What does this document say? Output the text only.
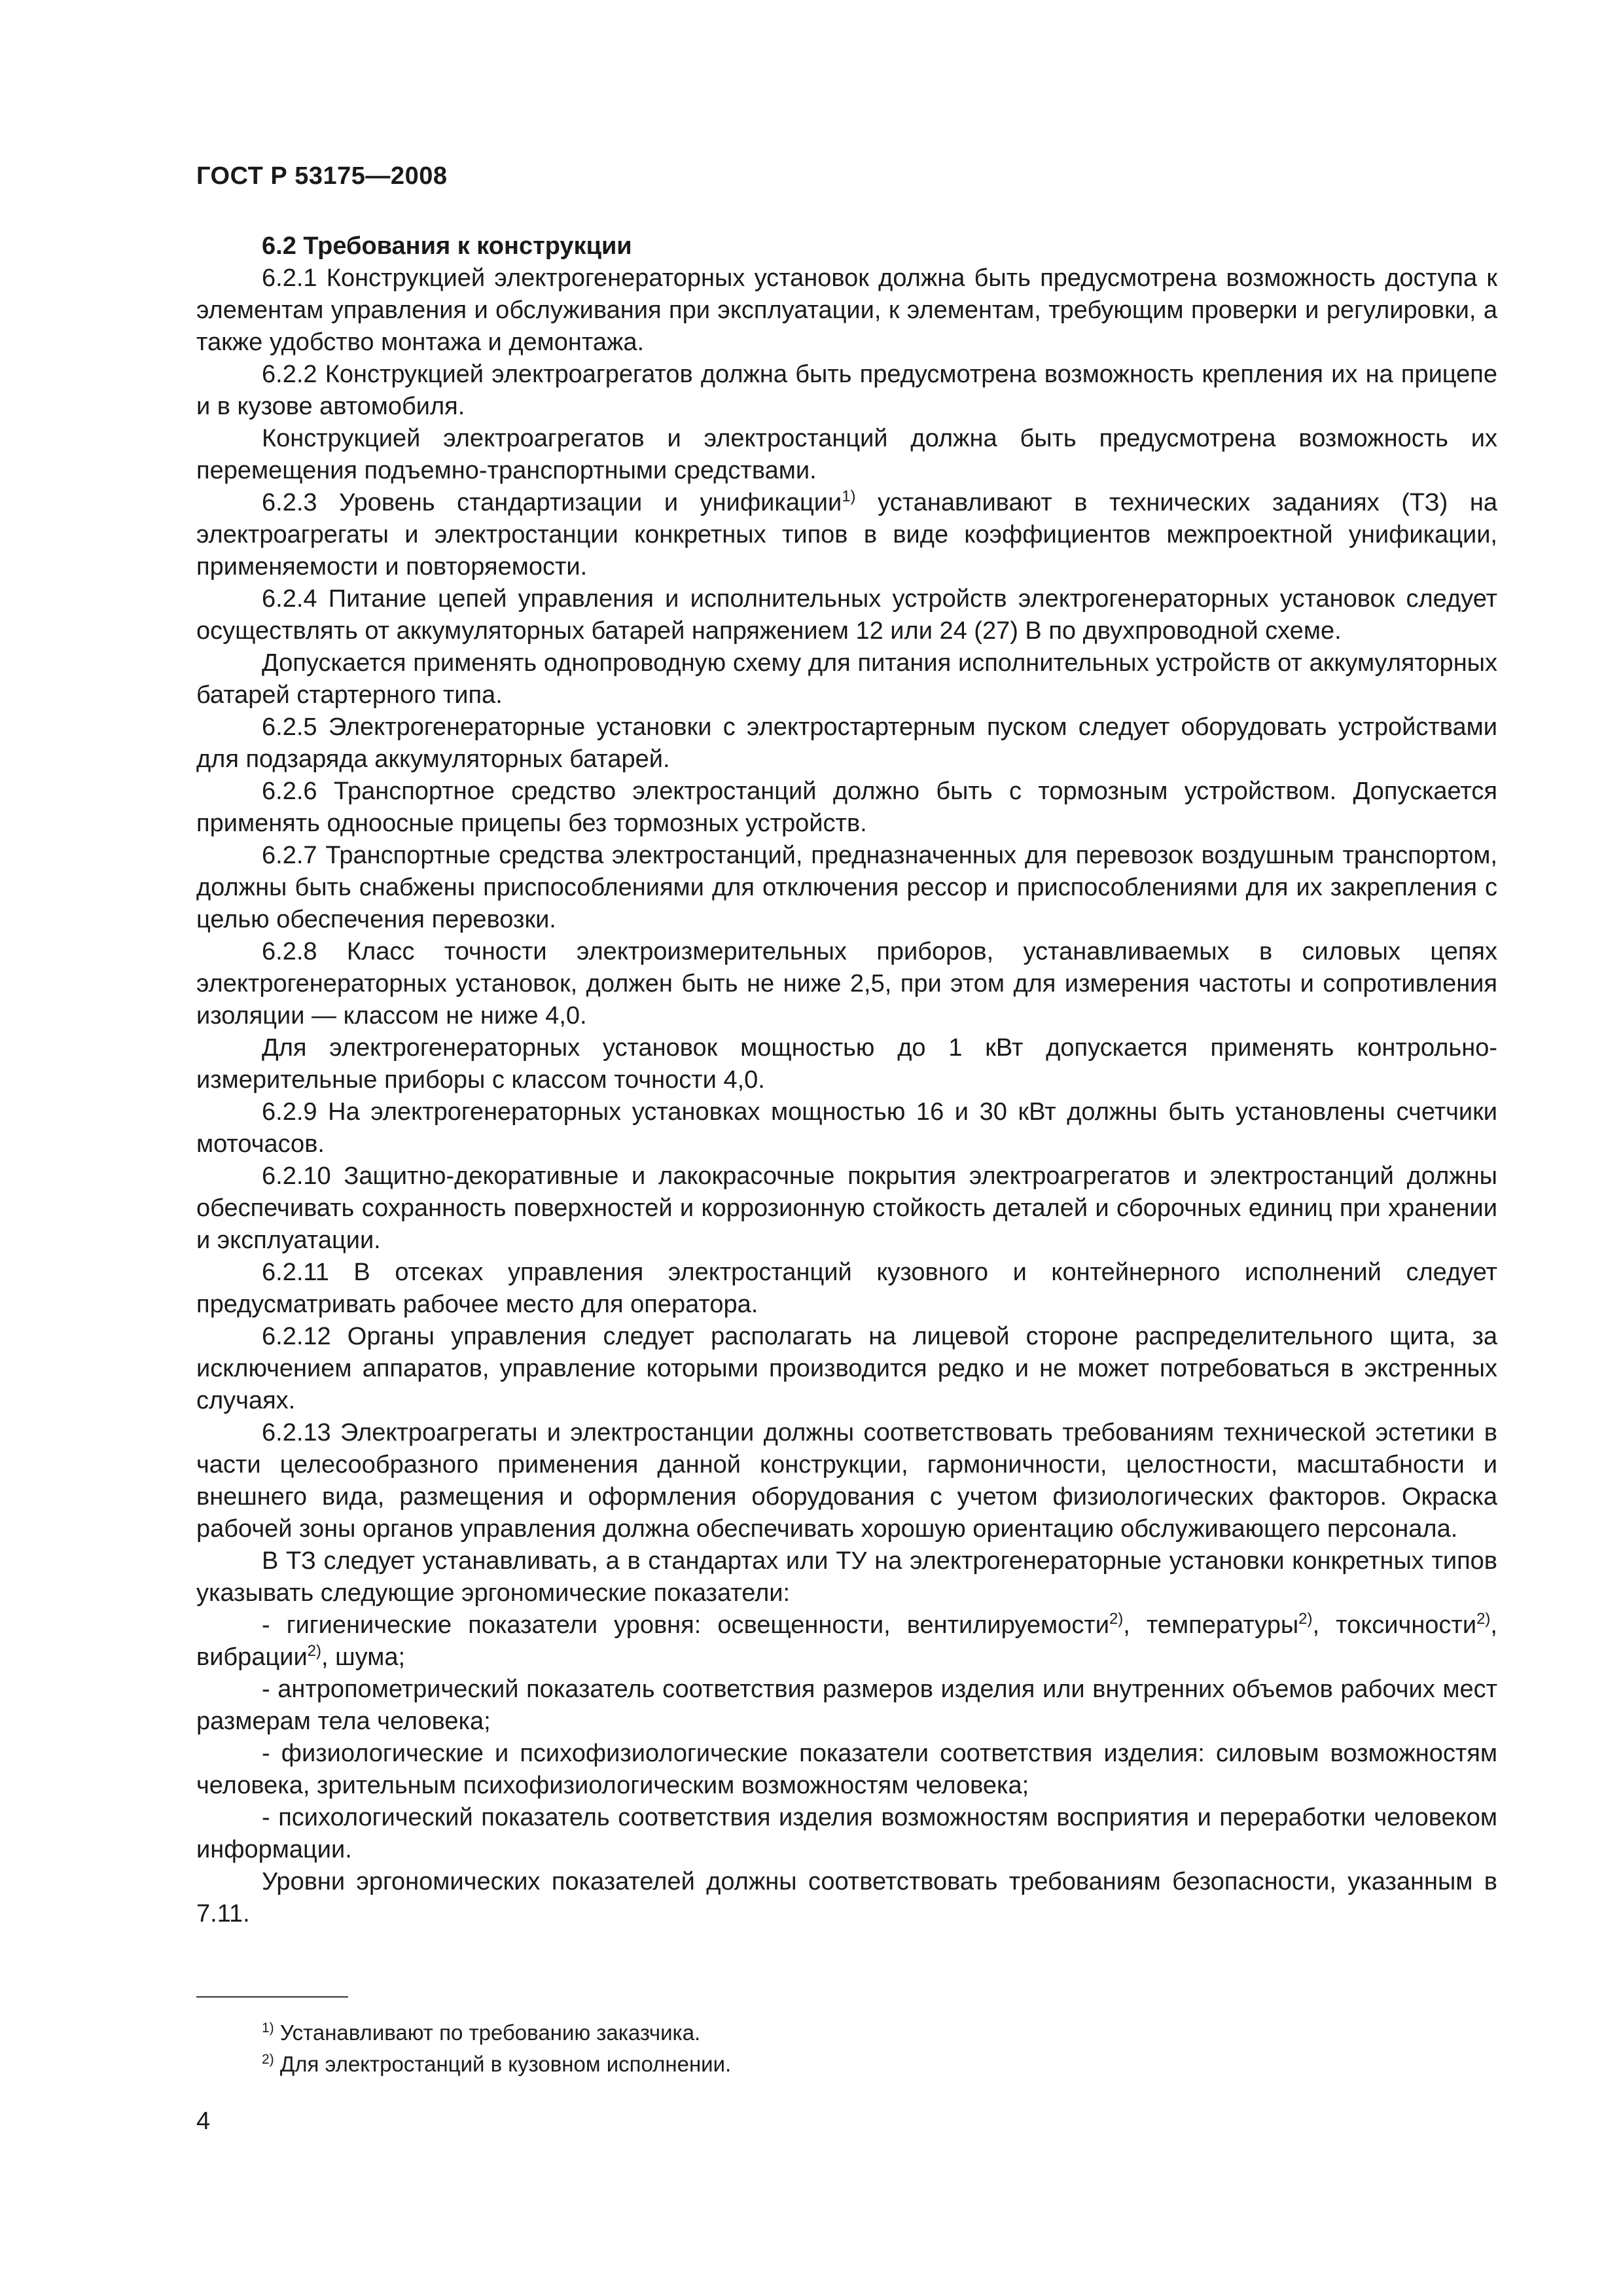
ГОСТ Р 53175—2008

6.2 Требования к конструкции

6.2.1 Конструкцией электрогенераторных установок должна быть предусмотрена возможность доступа к элементам управления и обслуживания при эксплуатации, к элементам, требующим проверки и регулировки, а также удобство монтажа и демонтажа.

6.2.2 Конструкцией электроагрегатов должна быть предусмотрена возможность крепления их на прицепе и в кузове автомобиля.

Конструкцией электроагрегатов и электростанций должна быть предусмотрена возможность их перемещения подъемно-транспортными средствами.

6.2.3 Уровень стандартизации и унификации$^{1)}$ устанавливают в технических заданиях (ТЗ) на электроагрегаты и электростанции конкретных типов в виде коэффициентов межпроектной унификации, применяемости и повторяемости.

6.2.4 Питание цепей управления и исполнительных устройств электрогенераторных установок следует осуществлять от аккумуляторных батарей напряжением 12 или 24 (27) В по двухпроводной схеме.

Допускается применять однопроводную схему для питания исполнительных устройств от аккумуляторных батарей стартерного типа.

6.2.5 Электрогенераторные установки с электростартерным пуском следует оборудовать устройствами для подзаряда аккумуляторных батарей.

6.2.6 Транспортное средство электростанций должно быть с тормозным устройством. Допускается применять одноосные прицепы без тормозных устройств.

6.2.7 Транспортные средства электростанций, предназначенных для перевозок воздушным транспортом, должны быть снабжены приспособлениями для отключения рессор и приспособлениями для их закрепления с целью обеспечения перевозки.

6.2.8 Класс точности электроизмерительных приборов, устанавливаемых в силовых цепях электрогенераторных установок, должен быть не ниже 2,5, при этом для измерения частоты и сопротивления изоляции — классом не ниже 4,0.

Для электрогенераторных установок мощностью до 1 кВт допускается применять контрольно-измерительные приборы с классом точности 4,0.

6.2.9 На электрогенераторных установках мощностью 16 и 30 кВт должны быть установлены счетчики моточасов.

6.2.10 Защитно-декоративные и лакокрасочные покрытия электроагрегатов и электростанций должны обеспечивать сохранность поверхностей и коррозионную стойкость деталей и сборочных единиц при хранении и эксплуатации.

6.2.11 В отсеках управления электростанций кузовного и контейнерного исполнений следует предусматривать рабочее место для оператора.

6.2.12 Органы управления следует располагать на лицевой стороне распределительного щита, за исключением аппаратов, управление которыми производится редко и не может потребоваться в экстренных случаях.

6.2.13 Электроагрегаты и электростанции должны соответствовать требованиям технической эстетики в части целесообразного применения данной конструкции, гармоничности, целостности, масштабности и внешнего вида, размещения и оформления оборудования с учетом физиологических факторов. Окраска рабочей зоны органов управления должна обеспечивать хорошую ориентацию обслуживающего персонала.

В ТЗ следует устанавливать, а в стандартах или ТУ на электрогенераторные установки конкретных типов указывать следующие эргономические показатели:

- гигиенические показатели уровня: освещенности, вентилируемости$^{2)}$, температуры$^{2)}$, токсичности$^{2)}$, вибрации$^{2)}$, шума;

- антропометрический показатель соответствия размеров изделия или внутренних объемов рабочих мест размерам тела человека;

- физиологические и психофизиологические показатели соответствия изделия: силовым возможностям человека, зрительным психофизиологическим возможностям человека;

- психологический показатель соответствия изделия возможностям восприятия и переработки человеком информации.

Уровни эргономических показателей должны соответствовать требованиям безопасности, указанным в 7.11.

$^{1)}$ Устанавливают по требованию заказчика.
$^{2)}$ Для электростанций в кузовном исполнении.
4
